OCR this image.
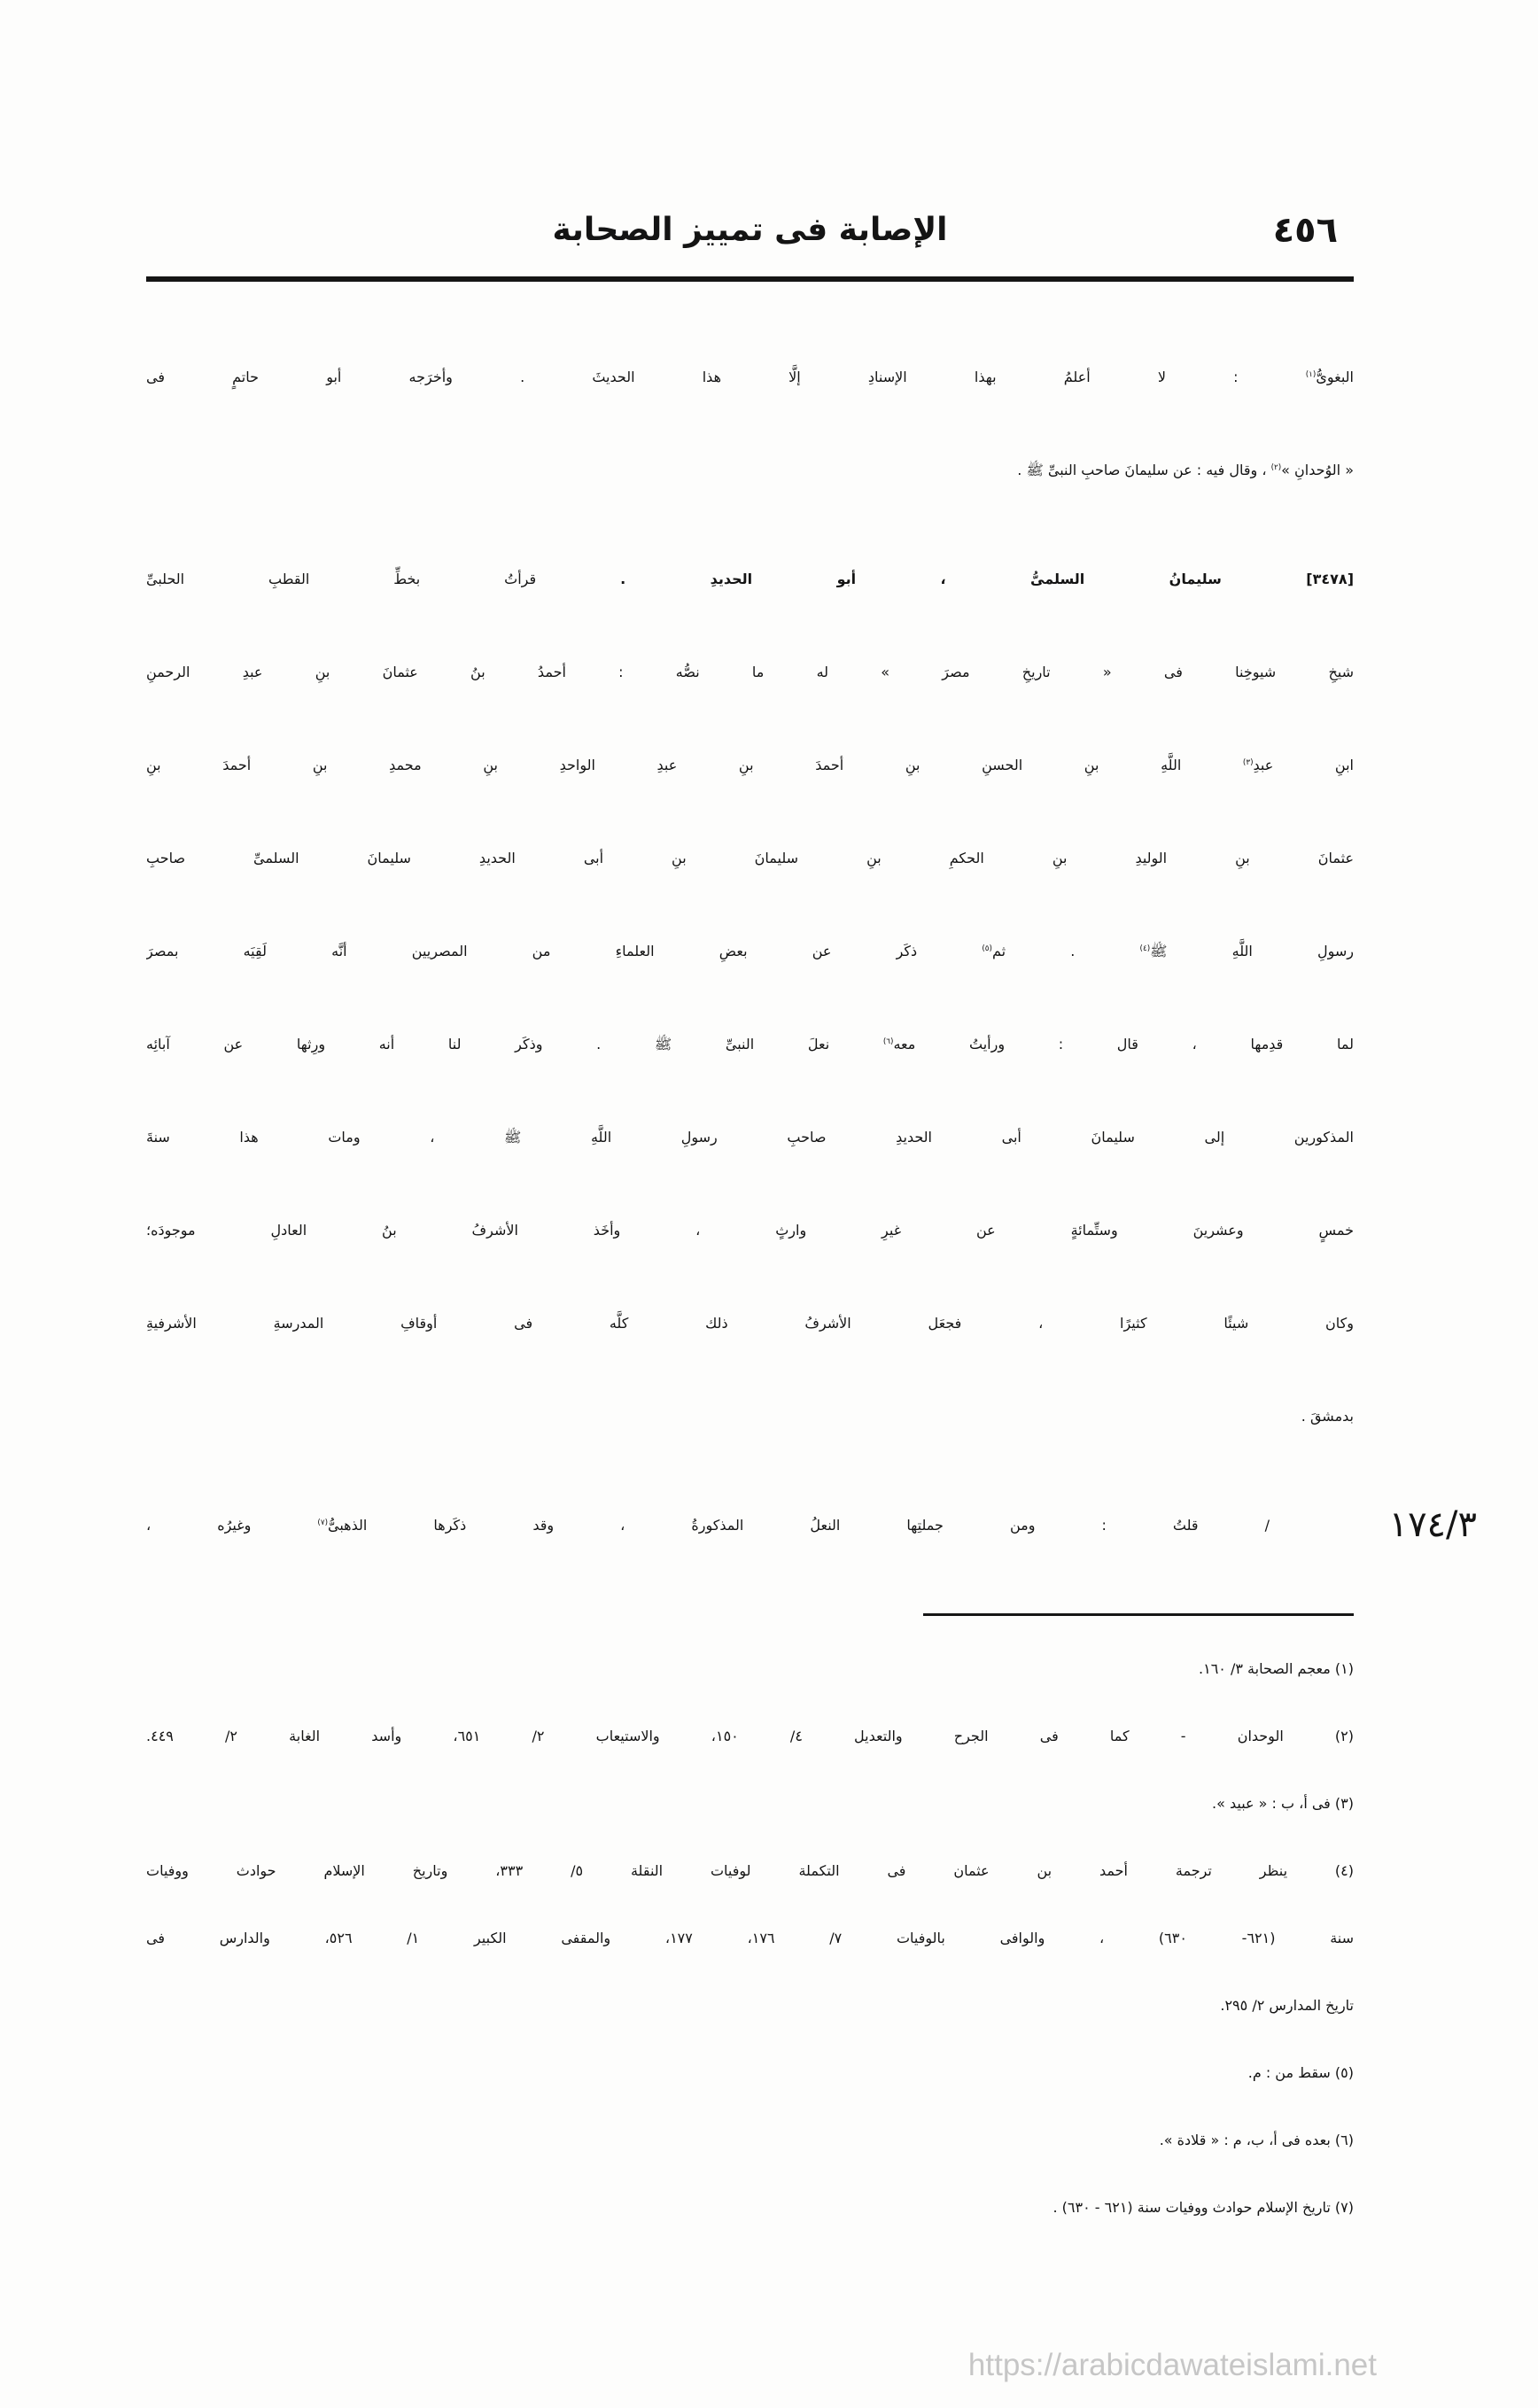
٤٥٦
الإصابة فى تمييز الصحابة
البغوىُّ$^{(١)}$ : لا أعلمُ بهذا الإسنادِ إلَّا هذا الحديثَ . وأخرَجه أبو حاتمٍ فى
« الوُحدانِ »$^{(٢)}$ ، وقال فيه : عن سليمانَ صاحبِ النبىِّ ﷺ .
[٣٤٧٨] سليمانُ السلمىُّ ، أبو الحديدِ . قرأتُ بخطِّ القطبِ الحلبىِّ
شيخِ شيوخِنا فى « تاريخِ مصرَ » له ما نصُّه : أحمدُ بنُ عثمانَ بنِ عبدِ الرحمنِ
ابنِ عبدِ$^{(٣)}$ اللَّهِ بنِ الحسنِ بنِ أحمدَ بنِ عبدِ الواحدِ بنِ محمدِ بنِ أحمدَ بنِ
عثمانَ بنِ الوليدِ بنِ الحكمِ بنِ سليمانَ بنِ أبى الحديدِ سليمانَ السلمىِّ صاحبِ
رسولِ اللَّهِ ﷺ$^{(٤)}$ . ثم$^{(٥)}$ ذكَر عن بعضِ العلماءِ من المصريين أنَّه لَقِيَه بمصرَ
لما قدِمها ، قال : ورأيتُ معه$^{(٦)}$ نعلَ النبىِّ ﷺ . وذكَر لنا أنه ورِثها عن آبائِه
المذكورين إلى سليمانَ أبى الحديدِ صاحبِ رسولِ اللَّهِ ﷺ ، ومات هذا سنةَ
خمسٍ وعشرينَ وستِّمائةٍ عن غيرِ وارثٍ ، وأخَذ الأشرفُ بنُ العادلِ موجودَه؛
وكان شيئًا كثيرًا ، فجعَل الأشرفُ ذلك كلَّه فى أوقافِ المدرسةِ الأشرفيةِ
بدمشقَ .
/ قلتُ : ومن جملتِها النعلُ المذكورةُ ، وقد ذكَرها الذهبىُّ$^{(٧)}$ وغيرُه ،	١٧٤/٣
(١) معجم الصحابة ٣/ ١٦٠.
(٢) الوحدان - كما فى الجرح والتعديل ٤/ ١٥٠، والاستيعاب ٢/ ٦٥١، وأسد الغابة ٢/ ٤٤٩.
(٣) فى أ، ب : « عبيد ».
(٤) ينظر ترجمة أحمد بن عثمان فى التكملة لوفيات النقلة ٥/ ٣٣٣، وتاريخ الإسلام حوادث ووفيات
سنة (٦٢١- ٦٣٠) ، والوافى بالوفيات ٧/ ١٧٦، ١٧٧، والمقفى الكبير ١/ ٥٢٦، والدارس فى
تاريخ المدارس ٢/ ٢٩٥.
(٥) سقط من : م.
(٦) بعده فى أ، ب، م : « قلادة ».
(٧) تاريخ الإسلام حوادث ووفيات سنة (٦٢١ - ٦٣٠) .
https://arabicdawateislami.net
